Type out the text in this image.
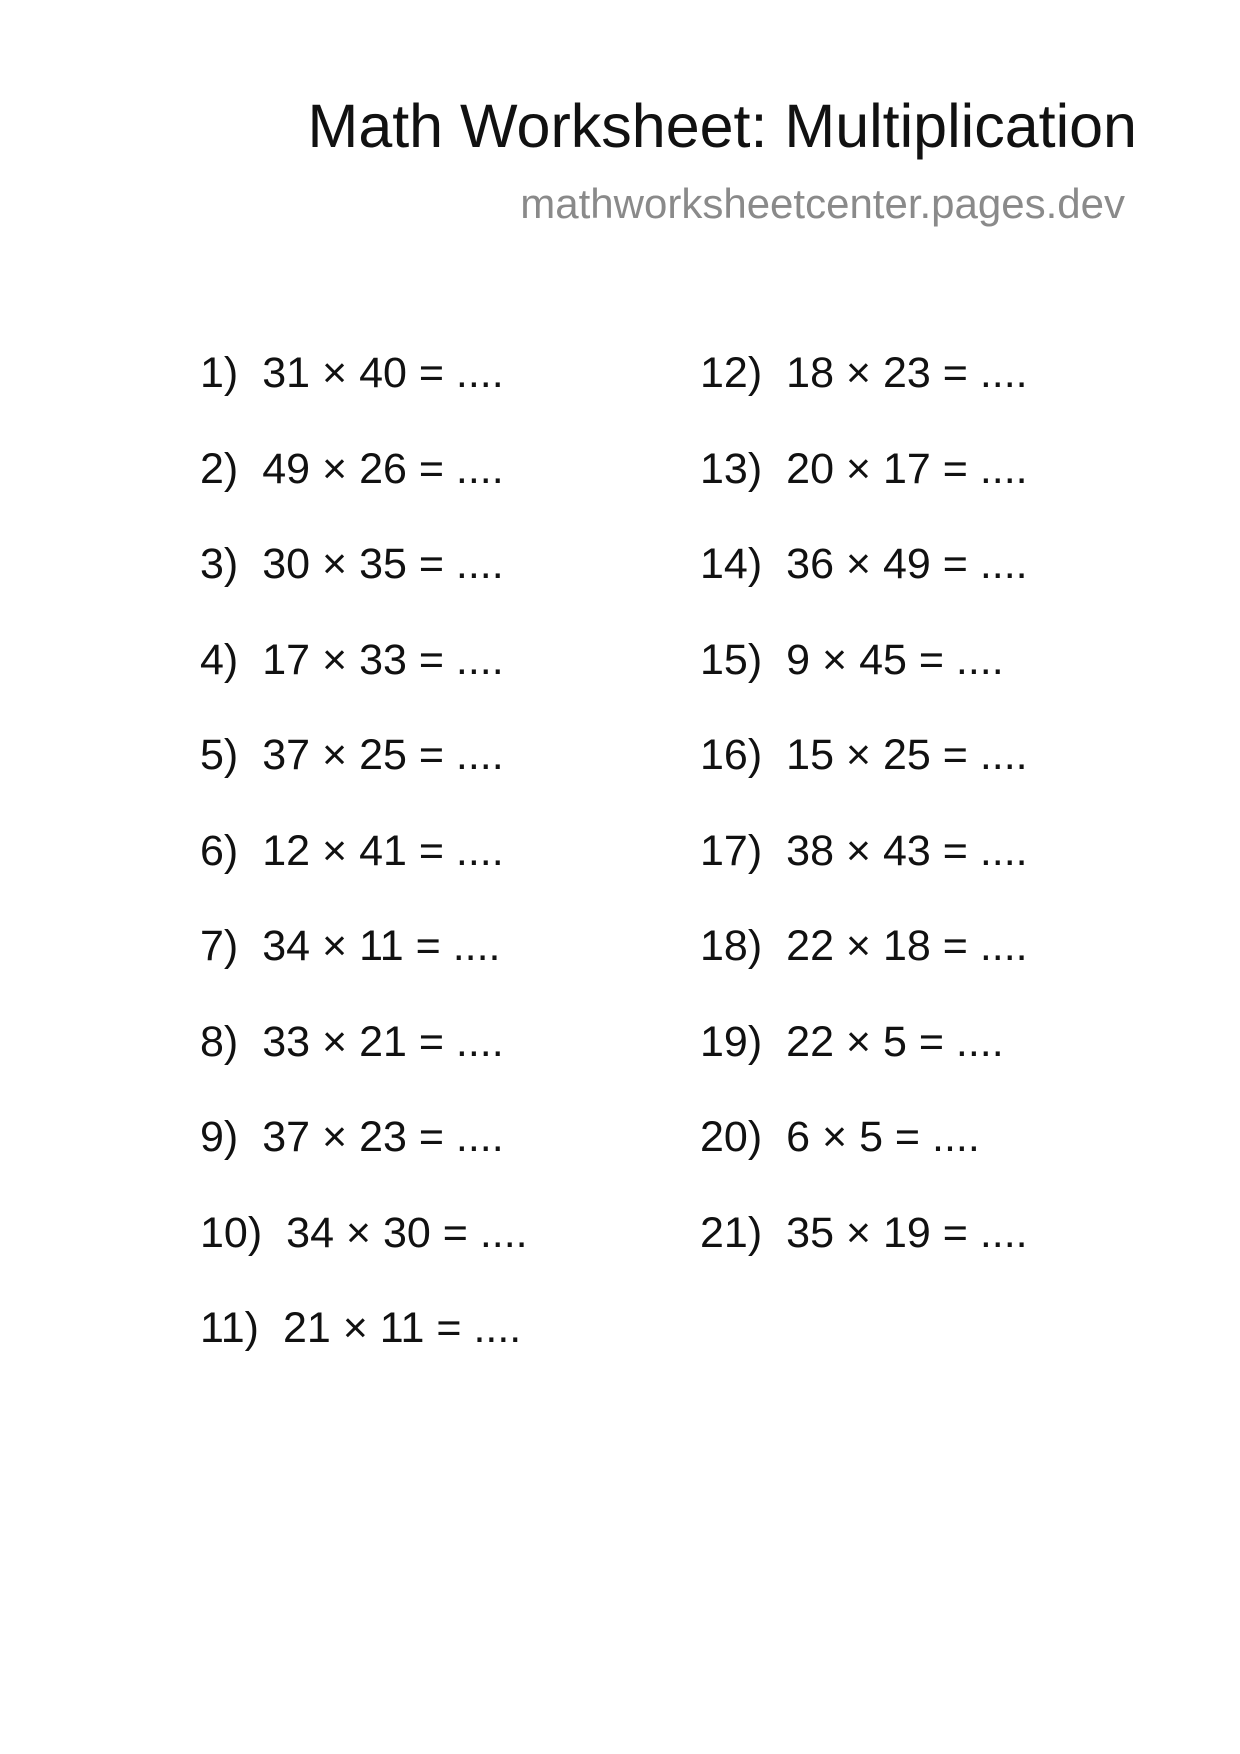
Math Worksheet: Multiplication
mathworksheetcenter.pages.dev
1) 31 × 40 = ....
2) 49 × 26 = ....
3) 30 × 35 = ....
4) 17 × 33 = ....
5) 37 × 25 = ....
6) 12 × 41 = ....
7) 34 × 11 = ....
8) 33 × 21 = ....
9) 37 × 23 = ....
10) 34 × 30 = ....
11) 21 × 11 = ....
12) 18 × 23 = ....
13) 20 × 17 = ....
14) 36 × 49 = ....
15) 9 × 45 = ....
16) 15 × 25 = ....
17) 38 × 43 = ....
18) 22 × 18 = ....
19) 22 × 5 = ....
20) 6 × 5 = ....
21) 35 × 19 = ....
